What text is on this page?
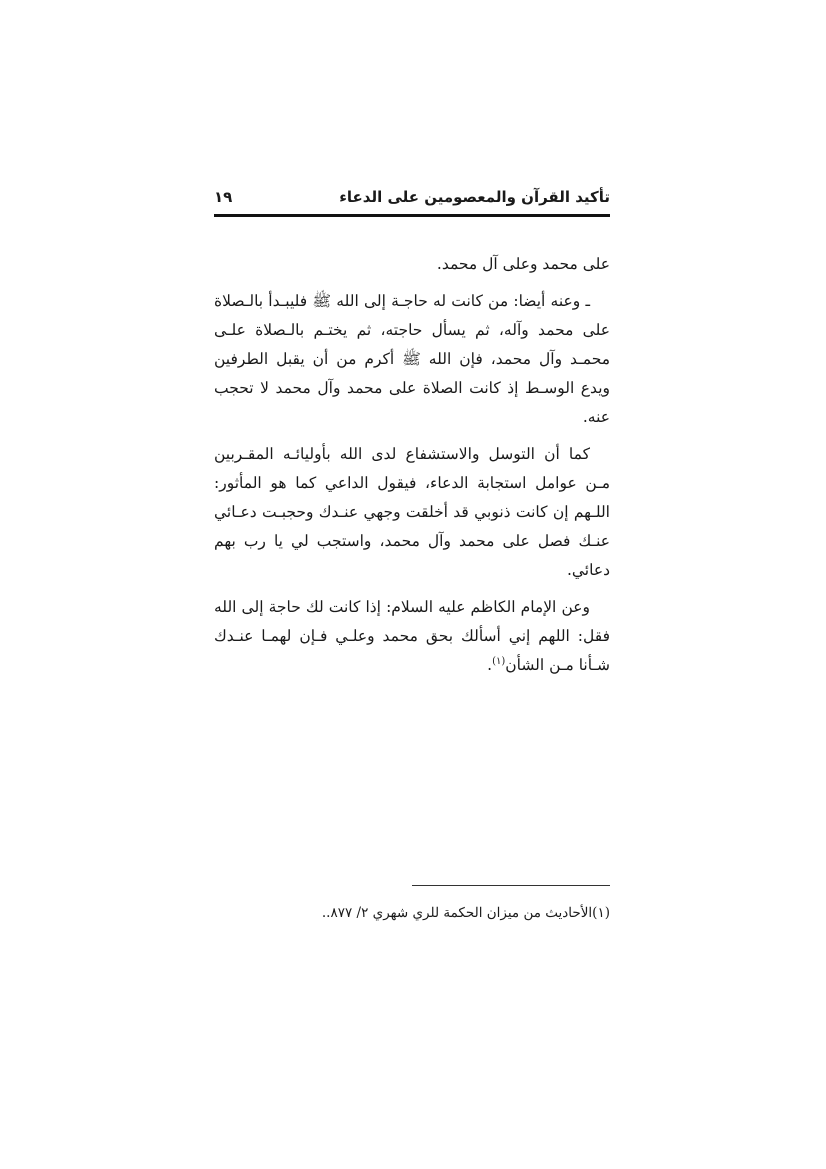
تأكيد القرآن والمعصومين على الدعاء
١٩

على محمد وعلى آل محمد.

ـ وعنه أيضا: من كانت له حاجـة إلى الله ﷺ فليبـدأ بالـصلاة على محمد وآله، ثم يسأل حاجته، ثم يختـم بالـصلاة علـى محمـد وآل محمد، فإن الله ﷺ أكرم من أن يقبل الطرفين ويدع الوسـط إذ كانت الصلاة على محمد وآل محمد لا تحجب عنه.

كما أن التوسل والاستشفاع لدى الله بأوليائـه المقـربين مـن عوامل استجابة الدعاء، فيقول الداعي كما هو المأثور: اللـهم إن كانت ذنوبي قد أخلقت وجهي عنـدك وحجبـت دعـائي عنـك فصل على محمد وآل محمد، واستجب لي يا رب بهم دعائي.

وعن الإمام الكاظم عليه السلام: إذا كانت لك حاجة إلى الله فقل: اللهم إني أسألك بحق محمد وعلـي فـإن لهمـا عنـدك شـأنا مـن الشأن$^{(١)}$.

(١)الأحاديث من ميزان الحكمة للري شهري ٢/ ٨٧٧..
